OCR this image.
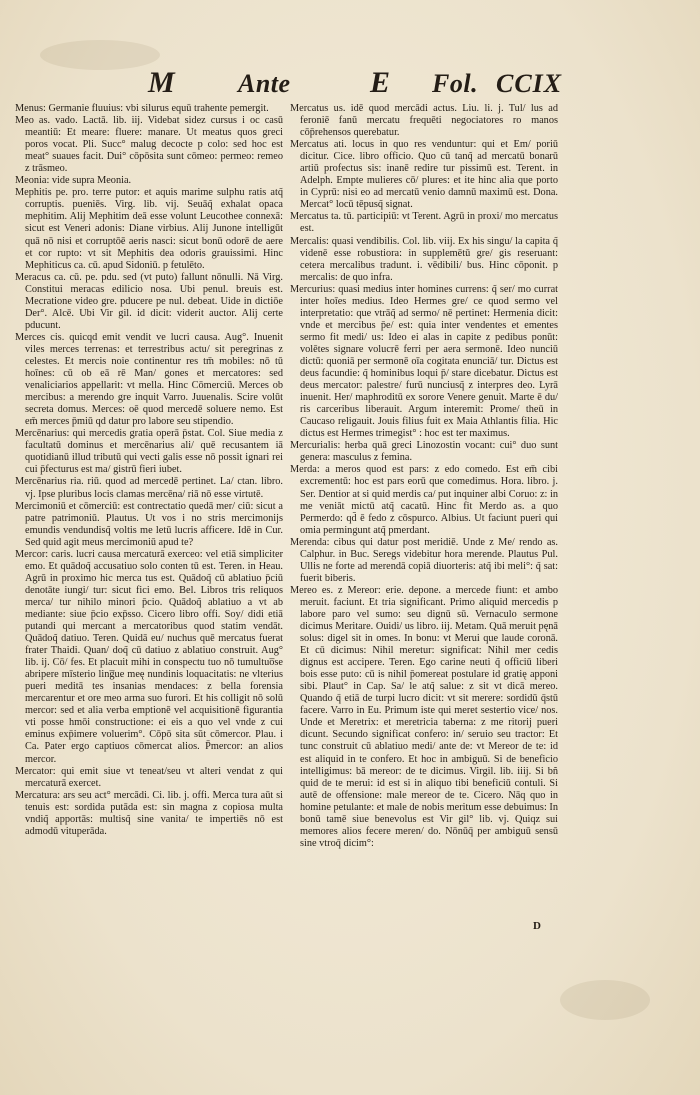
M Ante	E Fol. CCIX

Menus: Germanie fluuius: vbi silurus equū trahente pemergit.

Meo as. vado. Lactā. lib. iij. Videbat sidez cursus i oc casū meantiū: Et meare: fluere: manare. Ut meatus quos greci poros vocat. Pli. Succ° malug decocte p colo: sed hoc est meat° suaues facit. Dui° cōpōsita sunt cōmeo: permeo: remeo z trāsmeo.

Meonia: vide supra Meonia.

Mephitis pe. pro. terre putor: et aquis marime sulphu ratis atq̃ corruptis. pueniēs. Virg. lib. vij. Seuāq̃ exhalat opaca mephitim. Alij Mephitim deā esse volunt Leucothee connexā: sicut est Veneri adonis: Diane virbius. Alij Junone intelligūt quā nō nisi et corruptōē aeris nasci: sicut bonū odorē de aere et cor rupto: vt sit Mephitis dea odoris grauissimi. Hinc Mephiticus ca. cū. apud Sidoniū. p fetulēto.

Meracus ca. cū. pe. pdu. sed (vt puto) fallunt nōnulli. Nā Virg. Constitui meracas edilicio nosa. Ubi penul. breuis est. Mecratione video gre. pducere pe nul. debeat. Uide in dictiōe Der°. Alcē. Ubi Vir gil. id dicit: viderit auctor. Alij certe pducunt.

Merces cis. quicqd emit vendit ve lucri causa. Aug°. Inuenit viles merces terrenas: et terrestribus actu/ sit peregrinas z celestes. Et mercis noie continentur res tm̄ mobiles: nō tū hoīnes: cū ob eā rē Man/ gones et mercatores: sed venaliciarios appellarit: vt mella. Hinc Cōmerciū. Merces ob mercibus: a merendo gre inquit Varro. Juuenalis. Scire volūt secreta domus. Merces: oē quod mercedē soluere nemo. Est em̄ merces p̄miū qd datur pro labore seu stipendio.

Mercēnarius: qui mercedis gratia operā p̄stat. Col. Siue media z facultatū dominus et mercēnarius ali/ quē recusantem iā quotidianū illud tributū qui vecti galis esse nō possit ignari rei cui p̄fecturus est ma/ gistrū fieri iubet.

Mercēnarius ria. riū. quod ad mercedē pertinet. La/ ctan. libro. vj. Ipse pluribus locis clamas mercēna/ riā nō esse virtutē.

Mercimoniū et cōmerciū: est contrectatio quedā mer/ ciū: sicut a patre patrimoniū. Plautus. Ut vos i no stris mercimonijs emundis vendundisq̃ voltis me letū lucris afficere. Idē in Cur. Sed quid agit meus mercimoniū apud te?

Mercor: caris. lucri causa mercaturā exerceo: vel etiā simpliciter emo. Et quādoq̃ accusatiuo solo conten tū est. Teren. in Heau. Agrū in proximo hic merca tus est. Quādoq̃ cū ablatiuo p̄ciū denotāte iungi/ tur: sicut fici emo. Bel. Libros tris reliquos merca/ tur nihilo minori p̄cio. Quādoq̃ ablatiuo a vt ab mediante: siue p̄cio exp̄sso. Cicero libro offi. Soy/ didi etiā putandi qui mercant a mercatoribus quod statim vendāt. Quādoq̃ datiuo. Teren. Quidā eu/ nuchus quē mercatus fuerat frater Thaidi. Quan/ doq̃ cū datiuo z ablatiuo construit. Aug° lib. ij. Cō/ fes. Et placuit mihi in conspectu tuo nō tumultuo̅se abripere mīsterio ling̅ue meę nundinis loquacitatis: ne vlterius pueri meditā tes insanias mendaces: z bella forensia mercarentur et ore meo arma suo furori. Et his colligit nō solū mercor: sed et alia verba emptionē vel acquisitionē figurantia vti posse hmōi constructione: ei eis a quo vel vnde z cui eminus exp̄imere voluerim°. Cōpō sita sūt cōmercor. Plau. i Ca. Pater ergo captiuos cōmercat alios. P̄mercor: an alios mercor.

Mercator: qui emit siue vt teneat/seu vt alteri vendat z qui mercaturā exercet.

Mercatura: ars seu act° mercādi. Ci. lib. j. offi. Merca tura aūt si tenuis est: sordida putāda est: sin magna z copiosa multa vndiq̃ apportās: multisq̃ sine vanita/ te impertiēs nō est admodū vituperāda.

Mercatus us. idē quod mercādi actus. Liu. li. j. Tul/ lus ad feroniē fanū mercatu frequēti negociatores ro manos cōp̄rehensos querebatur.

Mercatus ati. locus in quo res venduntur: qui et Em/ poriū dicitur. Cice. libro officio. Quo cū tanq̃ ad mercatū bonarū artiū profectus sis: inanē redire tur pissimū est. Terent. in Adelph. Empte mulieres cō/ plures: et ite hinc alia que porto in Cyprū: nisi eo ad mercatū venio damnū maximū est. Dona. Mercat° locū tēpusq̃ signat.

Mercatus ta. tū. participiū: vt Terent. Agrū in proxi/ mo mercatus est.

Mercalis: quasi vendibilis. Col. lib. viij. Ex his singu/ la capita q̃ videnē esse robustiora: in supplemētū gre/ gis reseruant: cetera mercalibus tradunt. i. vēdibili/ bus. Hinc cōponit. p mercalis: de quo infra.

Mercurius: quasi medius inter homines currens: q̃ ser/ mo currat inter hoīes medius. Ideo Hermes gre/ ce quod sermo vel interpretatio: que vtrāq̃ ad sermo/ nē pertinet: Hermenia dicit: vnde et mercibus p̄e/ est: quia inter vendentes et ementes sermo fit medi/ us: Ideo ei alas in capite z pedibus ponūt: volētes signare volucrē ferri per aera sermonē. Ideo nunciū dictū: quoniā per sermonē oīa cogitata enunciā/ tur. Dictus est deus facundie: q̃ hominibus loqui p̄/ stare dicebatur. Dictus est deus mercator: palestre/ furū nunciusq̃ z interpres deo. Lyrā inuenit. Her/ maphroditū ex sorore Venere genuit. Marte ē du/ ris carceribus liberauit. Argum interemit: Prome/ theū in Caucaso religauit. Jouis filius fuit ex Maia Athlantis filia. Hic dictus est Hermes trimegist° : hoc est ter maximus.

Mercurialis: herba quā greci Linozostin vocant: cui° duo sunt genera: masculus z femina.

Merda: a meros quod est pars: z edo comedo. Est em̄ cibi excrementū: hoc est pars eorū que comedimus. Hora. libro. j. Ser. Dentior at si quid merdis ca/ put inquiner albi Coruo: z: in me veniāt mictū atq̃ cacatū. Hinc fit Merdo as. a quo Permerdo: qd̄ ē fedo z cōspurco. Albius. Ut faciunt pueri qui omia permingunt atq̃ pmerdant.

Merenda: cibus qui datur post meridiē. Unde z Me/ rendo as. Calphur. in Buc. Seregs videbitur hora merende. Plautus Pul. Ullis ne forte ad merendā copiā diuorteris: atq̃ ibi meli°: q̃ sat: fuerit biberis.

Mereo es. z Mereor: erie. depone. a mercede fiunt: et ambo meruit. faciunt. Et tria significant. Primo aliquid mercedis p labore paro vel sumo: seu dignū sū. Vernaculo sermone dicimus Meritare. Ouidi/ us libro. iij. Metam. Quā meruit pęnā solus: digel sit in omes. In bonu: vt Merui que laude coronā. Et cū dicimus: Nihil meretur: significat: Nihil mer cedis dignus est accipere. Teren. Ego carine neuti q̃ officiū liberi bois esse puto: cū is nihil p̄omereat postulare id gratię apponi sibi. Plaut° in Cap. Sa/ le atq̃ salue: z sit vt dicā mereo. Quando q̄ etiā de turpi lucro dicit: vt sit merere: sordidū q̄stū facere. Varro in Eu. Primum iste qui meret sestertio vice/ nos. Unde et Meretrix: et meretricia taberna: z me ritorij pueri dicunt. Secundo significat confero: in/ seruio seu tractor: Et tunc construit cū ablatiuo medi/ ante de: vt Mereor de te: id est aliquid in te confero. Et hoc in ambiguū. Si de beneficio intelligimus: bā mereor: de te dicimus. Virgil. lib. iiij. Si bñ quid de te merui: id est si in aliquo tibi beneficiū contuli. Si autē de offensione: male mereor de te. Cicero. Nāq quo in homine petulante: et male de nobis meritum esse debuimus: In bonū tamē siue benevolus est Vir gil° lib. vj. Quiqz sui memores alios fecere meren/ do. Nōnūq̄ per ambiguū sensū sine vtroq̄ dicim°:

D
